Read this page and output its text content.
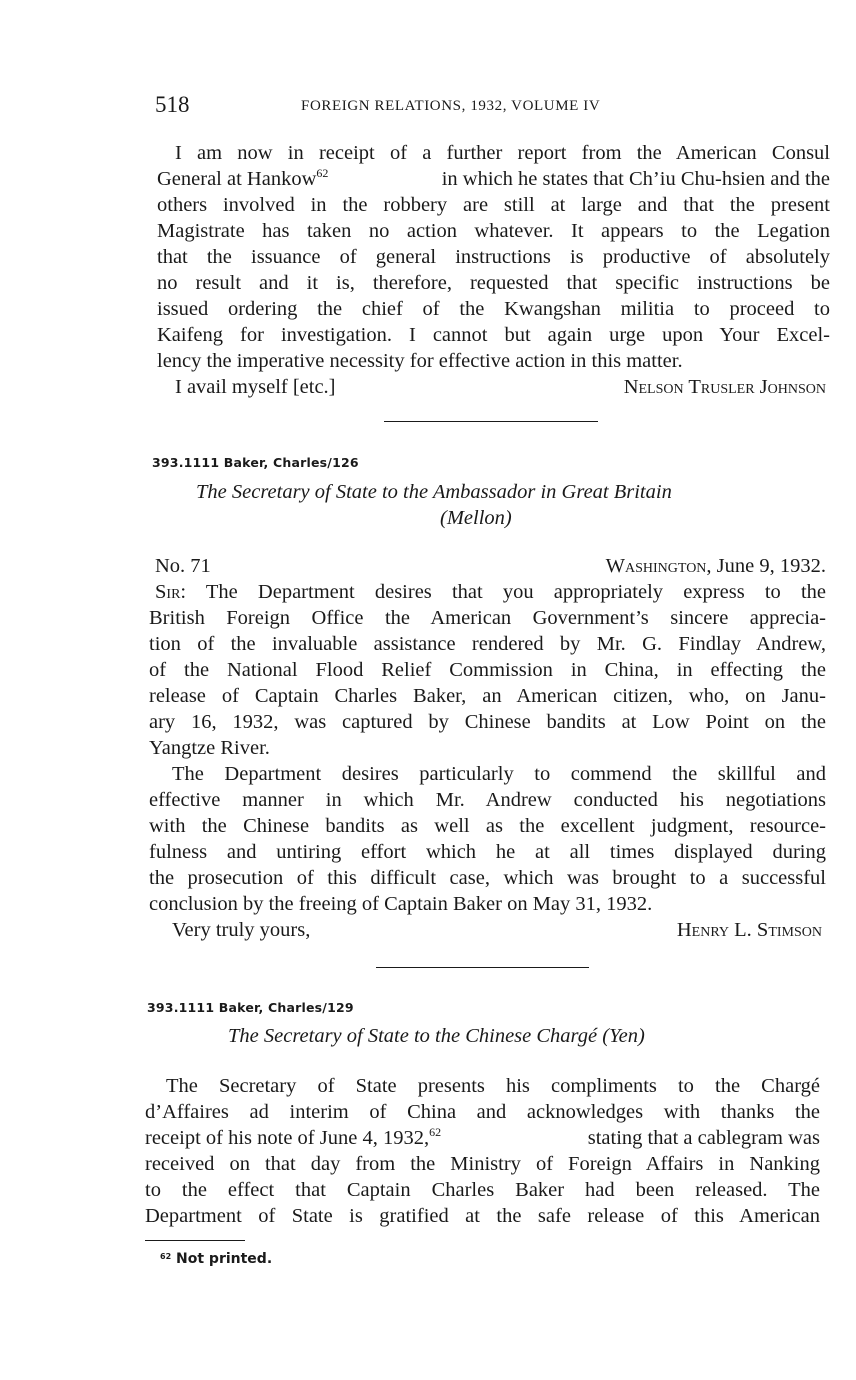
518	FOREIGN RELATIONS, 1932, VOLUME IV
I am now in receipt of a further report from the American Consul
General at Hankow$^{62}$	in which he states that Ch’iu Chu-hsien and the
others involved in the robbery are still at large and that the present
Magistrate has taken no action whatever. It appears to the Legation
that the issuance of general instructions is productive of absolutely
no result and it is, therefore, requested that specific instructions be
issued ordering the chief of the Kwangshan militia to proceed to
Kaifeng for investigation. I cannot but again urge upon Your Excel-
lency the imperative necessity for effective action in this matter.
I avail myself [etc.]	Nelson Trusler Johnson
393.1111 Baker, Charles/126
The Secretary of State to the Ambassador in Great Britain
(Mellon)
No. 71	Washington, June 9, 1932.
Sir : The Department desires that you appropriately express to the
British Foreign Office the American Government’s sincere apprecia-
tion of the invaluable assistance rendered by Mr. G. Findlay Andrew,
of the National Flood Relief Commission in China, in effecting the
release of Captain Charles Baker, an American citizen, who, on Janu-
ary 16, 1932, was captured by Chinese bandits at Low Point on the
Yangtze River.
The Department desires particularly to commend the skillful and
effective manner in which Mr. Andrew conducted his negotiations
with the Chinese bandits as well as the excellent judgment, resource-
fulness and untiring effort which he at all times displayed during
the prosecution of this difficult case, which was brought to a successful
conclusion by the freeing of Captain Baker on May 31, 1932.
Very truly yours,	Henry L. Stimson
393.1111 Baker, Charles/129
The Secretary of State to the Chinese Chargé (Yen)
The Secretary of State presents his compliments to the Chargé
d’Affaires ad interim of China and acknowledges with thanks the
receipt of his note of June 4, 1932,62	stating that a cablegram was
received on that day from the Ministry of Foreign Affairs in Nanking
to the effect that Captain Charles Baker had been released. The
Department of State is gratified at the safe release of this American
$^{62}$ Not printed.
